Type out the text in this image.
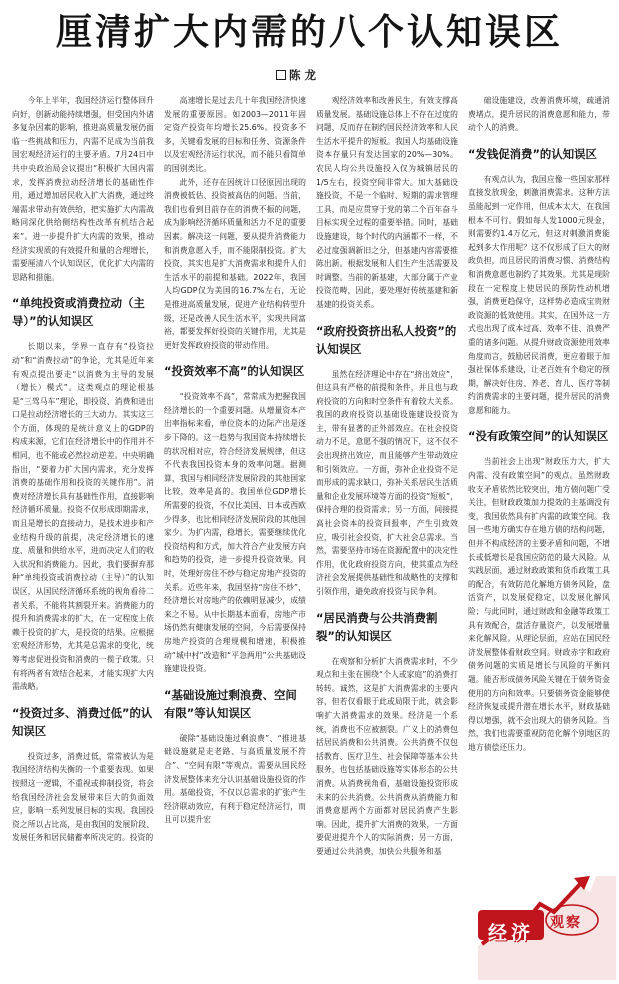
厘清扩大内需的八个认知误区
陈 龙

今年上半年，我国经济运行整体回升向好，创新动能持续增强，但受国内外诸多复杂因素的影响，推进高质量发展仍面临一些挑战和压力，内需不足成为当前我国宏观经济运行的主要矛盾。7月24日中共中央政治局会议提出“积极扩大国内需求，发挥消费拉动经济增长的基础性作用，通过增加居民收入扩大消费，通过终端需求带动有效供给，把实施扩大内需战略同深化供给侧结构性改革有机结合起来”。进一步提升扩大内需的效果，推动经济实现质的有效提升和量的合理增长，需要厘清八个认知误区，优化扩大内需的思路和措施。

“单纯投资或消费拉动（主导）”的认知误区

长期以来，学界一直存有“投资拉动”和“消费拉动”的争论，尤其是近年来有观点提出要走“以消费为主导的发展（增长）模式”。这类观点的理论根基是“三驾马车”理论，即投资、消费和进出口是拉动经济增长的三大动力。其实这三个方面，体现的是统计意义上的GDP的构成来源，它们在经济增长中的作用并不相同，也不能或必然拉动逆差。中央明确指出，“要着力扩大国内需求，充分发挥消费的基础作用和投资的关键作用”。消费对经济增长具有基础性作用，直接影响经济循环质量。投资不仅形成即期需求，而且是增长的直接动力，是技术进步和产业结构升级的前提，决定经济增长的速度、质量和供给水平，进而决定人们的收入状况和消费能力。因此，我们要摒弃那种“单纯投资或消费拉动（主导）”的认知误区，从国民经济循环系统的视角看待二者关系，不能将其割裂开来。消费能力的提升和消费需求的扩大，在一定程度上依赖于投资的扩大，是投资的结果。应根据宏观经济形势，尤其是总需求的变化，统筹考虑促进投资和消费的一揽子政策。只有将两者有效结合起来，才能实现扩大内需战略。

“投资过多、消费过低”的认知误区

投资过多，消费过低，常常被认为是我国经济结构失衡的一个重要表现。如果按照这一逻辑，不重视或抑制投资，将会给我国经济社会发展带来巨大的负面效应，影响一系列发展目标的实现。我国投资之所以占比高，是由我国的发展阶段、发展任务和居民储蓄率所决定的。投资的

高速增长是过去几十年我国经济快速发展的重要原因。如2003—2011年固定资产投资年均增长25.6%。投资多不多，关键看发展的目标和任务、资源条件以及宏观经济运行状况，而不能只看简单的国别类比。

此外，还存在因统计口径原因出现的消费被低估、投资被高估的问题。当前，我们也看到目前存在的消费不振的问题，成为影响经济循环质量和活力不足的重要因素。解决这一问题，要从提升消费能力和消费意愿入手，而不能限制投资。扩大投资，其实也是扩大消费需求和提升人们生活水平的前提和基础。2022年，我国人均GDP仅为美国的16.7%左右，无论是推进高质量发展，促进产业结构转型升级，还是改善人民生活水平，实现共同富裕，都要发挥好投资的关键作用，尤其是更好发挥政府投资的带动作用。

“投资效率不高”的认知误区

“投资效率不高”，常常成为把握我国经济增长的一个重要问题。从增量资本产出率指标来看，单位资本的边际产出是逐步下降的。这一趋势与我国资本持续增长的状况相对应，符合经济发展规律，但这不代表我国投资本身的效率问题。据测算，我国与相同经济发展阶段的其他国家比较，效率是高的。我国单位GDP增长所需要的投资，不仅比美国、日本或西欧少得多，也比相同经济发展阶段的其他国家少。为扩内需，稳增长，需要继续优化投资结构和方式，加大符合产业发展方向和趋势的投资，进一步提升投资效果。同时，处理好房住不炒与稳定房地产投资的关系。近些年来，我国坚持“房住不炒”，经济增长对房地产的依赖明显减少，成绩来之不易。从中长期基本面看，房地产市场仍然有健康发展的空间，今后需要保持房地产投资的合理规模和增速，积极推动“城中村”改造和“平急两用”公共基础设施建设投资。

“基础设施过剩浪费、空间有限”等认知误区

破除“基础设施过剩浪费”、“推进基础设施就是走老路、与高质量发展不符合”、“空间有限”等观点。需要从国民经济发展整体来充分认识基础设施投资的作用。基础投资，不仅以总需求的扩张产生经济联动效应，有利于稳定经济运行，而且可以提升宏

观经济效率和改善民生，有效支撑高质量发展。基础设施总体上不存在过度的问题，反而存在制约国民经济效率和人民生活水平提升的短板。我国人均基础设施资本存量只有发达国家的20%—30%。农民人均公共设施投入仅为城镇居民的1/5左右，投资空间非常大。加大基础设施投资，不是一个临时、短期的需求管理工具，而是应贯穿于党的第二个百年奋斗目标实现全过程的重要举措。同时，基础设施建设，每个时代的内涵都不一样，不必过度强调新旧之分，但基建内容需要推陈出新。根据发展和人们生产生活需要及时调整。当前的新基建，大部分属于产业投资范畴，因此，要处理好传统基建和新基建的投资关系。

“政府投资挤出私人投资”的认知误区

虽然在经济理论中存在“挤出效应”，但这具有严格的前提和条件，并且也与政府投资的方向和时空条件有着较大关系。我国的政府投资以基础设施建设投资为主，带有显著的正外部效应。在社会投资动力不足，意愿不强的情况下，这不仅不会出现挤出效应，而且能够产生带动效应和引领效应。一方面，弥补企业投资不足而形成的需求缺口，弥补关系居民生活质量和企业发展环境等方面的投资“短板”，保持合理的投资需求；另一方面，间接提高社会资本的投资回报率，产生引致效应，吸引社会投资，扩大社会总需求。当然，需要坚持市场在资源配置中的决定性作用，优化政府投资方向，使其重点为经济社会发展提供基础性和战略性的支撑和引领作用，避免政府投资与民争利。

“居民消费与公共消费割裂”的认知误区

在观察和分析扩大消费需求时，不少观点和主张在围绕“个人或家庭”的消费打转转。诚然，这是扩大消费需求的主要内容，但若仅看眼于此或局限于此，就会影响扩大消费需求的效果。经济是一个系统，消费也不应被割裂。广义上的消费包括居民消费和公共消费。公共消费不仅包括教育、医疗卫生、社会保障等基本公共服务，也包括基础设施等实体形态的公共消费。从消费视角看，基础设施投资形成未来的公共消费。公共消费从消费能力和消费意愿两个方面都对居民消费产生影响。因此，提升扩大消费的效果，一方面要促进提升个人的实际消费；另一方面，要通过公共消费，加快公共服务和基

础设施建设，改善消费环境，疏通消费堵点，提升居民的消费意愿和能力，带动个人的消费。

“发钱促消费”的认知误区

有观点认为，我国应像一些国家那样直接发放现金，刺激消费需求。这种方法虽能起到一定作用，但成本太大，在我国根本不可行。假如每人发1000元现金，则需要约1.4万亿元，但这对刺激消费能起到多大作用呢？这不仅形成了巨大的财政负担，而且居民的消费习惯、消费结构和消费意愿也制约了其效果。尤其是现阶段在一定程度上使居民的预防性动机增强，消费更趋保守，这样势必造成宝贵财政资源的低效使用。其实，在国外这一方式也出现了成本过高、效率不佳、浪费严重的诸多问题。从提升财政资源使用效率角度而言，鼓励居民消费，更应着眼于加强社保体系建设，让老百姓有个稳定的预期，解决好住房、养老、育儿、医疗等制约消费需求的主要问题，提升居民的消费意愿和能力。

“没有政策空间”的认知误区

当前社会上出现“财政压力大，扩大内需、没有政策空间”的观点。虽然财政收支矛盾依然比较突出，地方债问题广受关注，但财政政策加力提效的主基调没有变，我国依然具有扩内需的政策空间。我国一些地方确实存在地方债的结构问题，但并不构成经济的主要矛盾和问题，不增长或低增长是我国应防范的最大风险。从实践层面，通过财政政策和货币政策工具的配合，有效防范化解地方债务风险，盘活资产，以发展促稳定，以发展化解风险；与此同时，通过财政和金融等政策工具有效配合，盘活存量资产，以发展增量来化解风险。从理论层面，应站在国民经济发展整体看财政空间。财政赤字和政府债务问题的实质是增长与风险的平衡问题。能否形成债务风险关键在于债务资金使用的方向和效率。只要债务资金能够使经济恢复或提升潜在增长水平，财政基础得以增强，就不会出现大的债务风险。当然，我们也需要重视防范化解个别地区的地方债偿还压力。

经济 观察
